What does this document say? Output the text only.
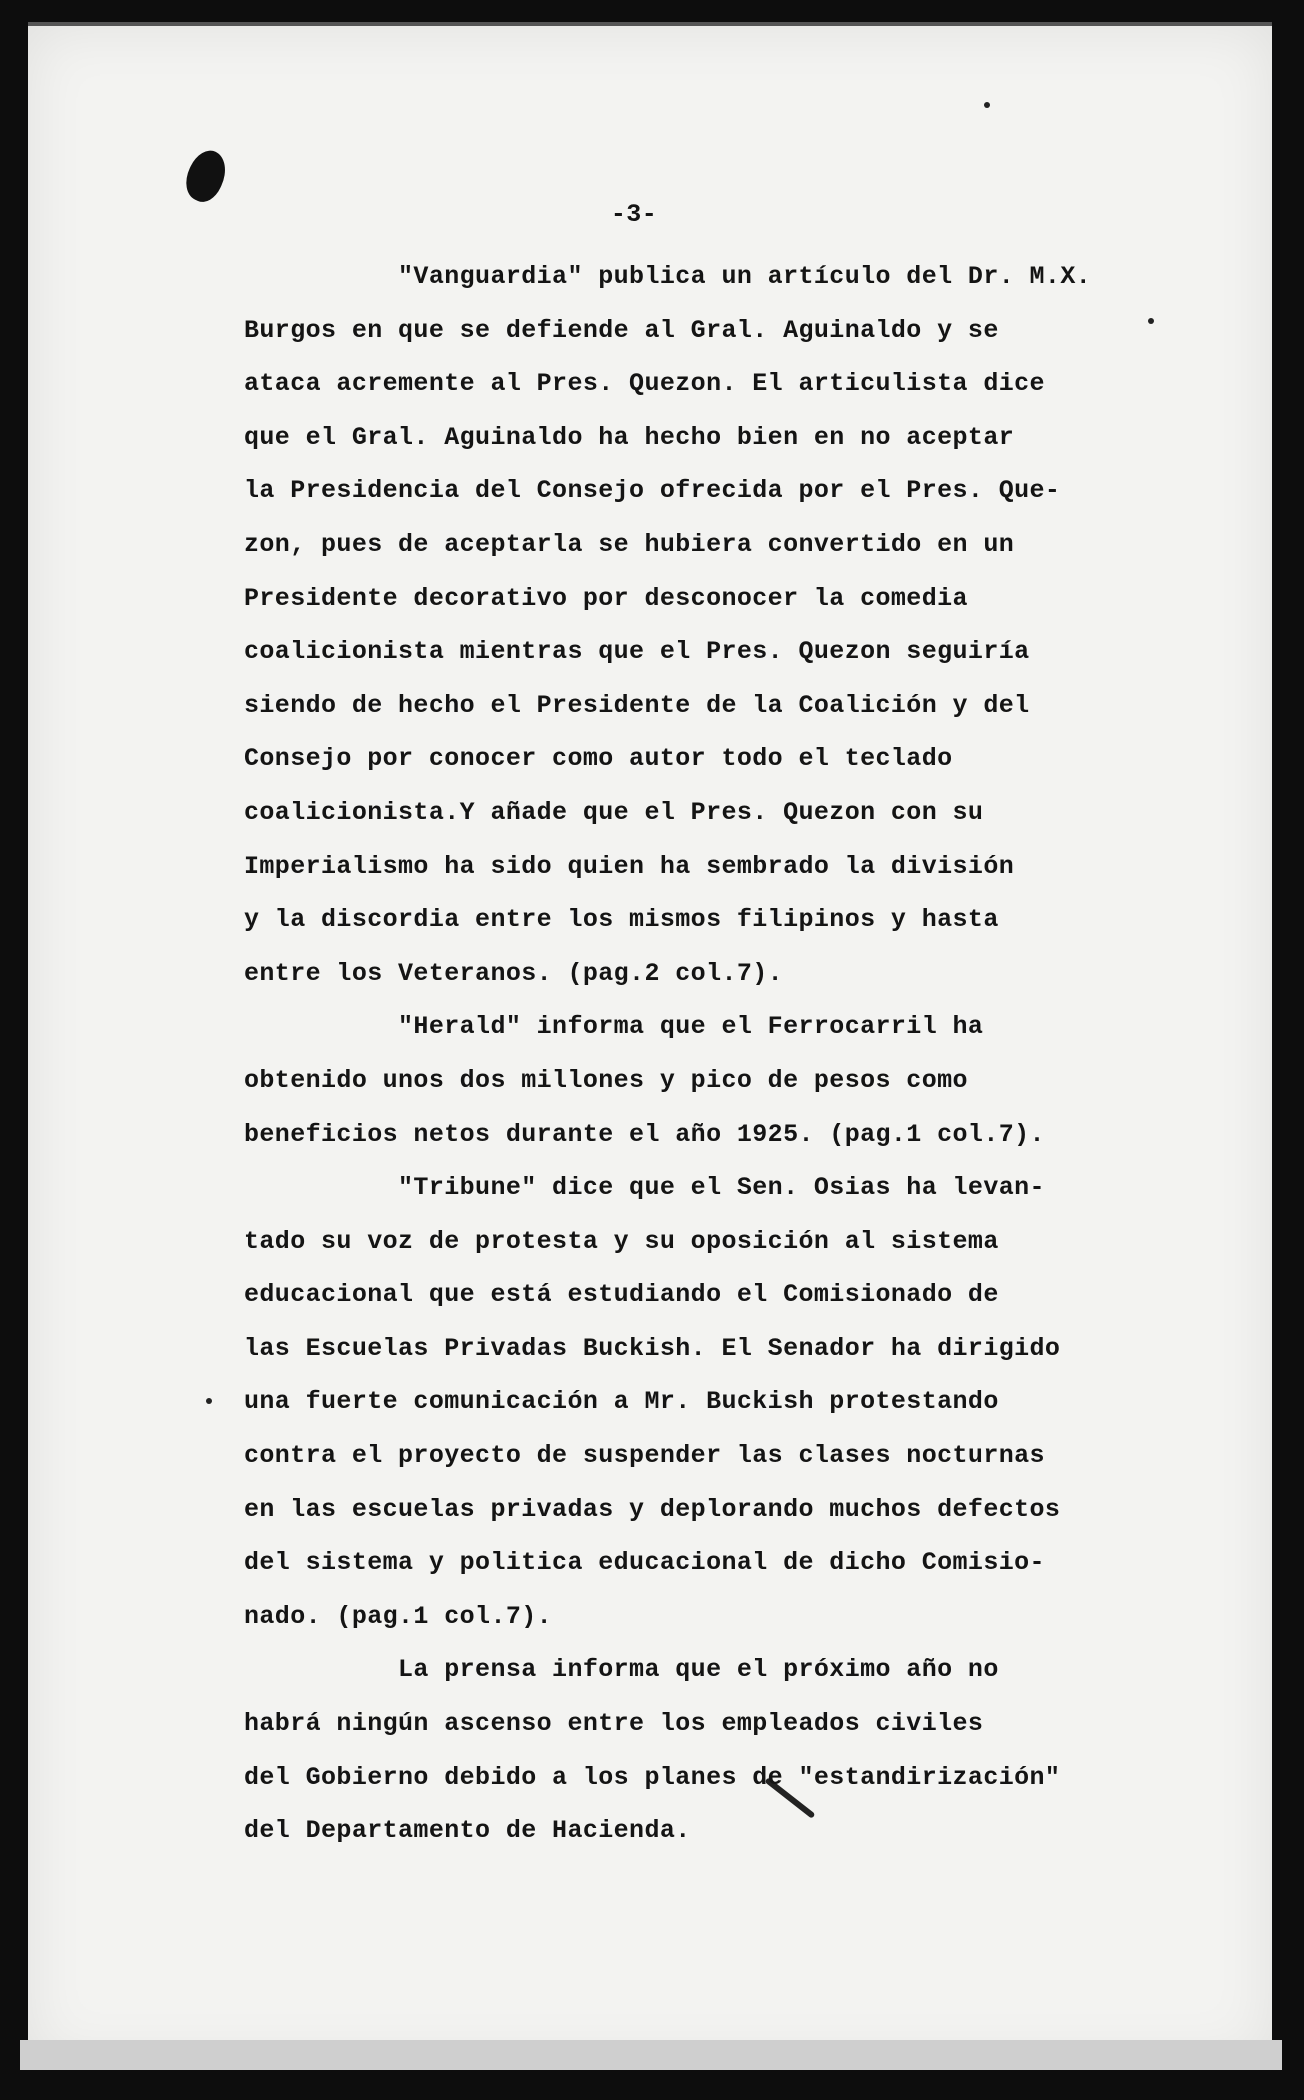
-3-
"Vanguardia" publica un artículo del Dr. M.X.
Burgos en que se defiende al Gral. Aguinaldo y se
ataca acremente al Pres. Quezon. El articulista dice
que el Gral. Aguinaldo ha hecho bien en no aceptar
la Presidencia del Consejo ofrecida por el Pres. Que-
zon, pues de aceptarla se hubiera convertido en un
Presidente decorativo por desconocer la comedia
coalicionista mientras que el Pres. Quezon seguiría
siendo de hecho el Presidente de la Coalición y del
Consejo por conocer como autor todo el teclado
coalicionista.Y añade que el Pres. Quezon con su
Imperialismo ha sido quien ha sembrado la división
y la discordia entre los mismos filipinos y hasta
entre los Veteranos. (pag.2 col.7).
"Herald" informa que el Ferrocarril ha
obtenido unos dos millones y pico de pesos como
beneficios netos durante el año 1925. (pag.1 col.7).
"Tribune" dice que el Sen. Osias ha levan-
tado su voz de protesta y su oposición al sistema
educacional que está estudiando el Comisionado de
las Escuelas Privadas Buckish. El Senador ha dirigido
una fuerte comunicación a Mr. Buckish protestando
contra el proyecto de suspender las clases nocturnas
en las escuelas privadas y deplorando muchos defectos
del sistema y politica educacional de dicho Comisio-
nado. (pag.1 col.7).
La prensa informa que el próximo año no
habrá ningún ascenso entre los empleados civiles
del Gobierno debido a los planes de "estandirización"
del Departamento de Hacienda.
